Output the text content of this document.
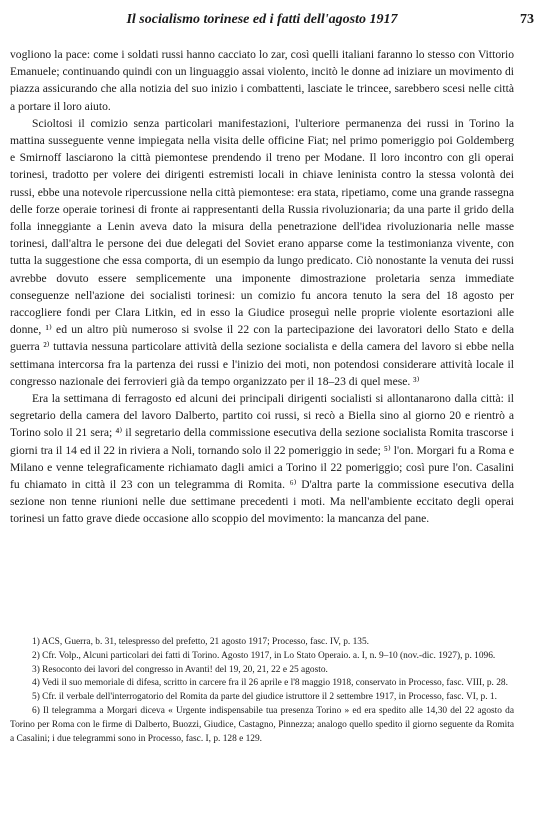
Il socialismo torinese ed i fatti dell'agosto 1917	73

vogliono la pace: come i soldati russi hanno cacciato lo zar, così quelli italiani faranno lo stesso con Vittorio Emanuele; continuando quindi con un linguaggio assai violento, incitò le donne ad iniziare un movimento di piazza assicurando che alla notizia del suo inizio i combattenti, lasciate le trincee, sarebbero scesi nelle città a portare il loro aiuto.

Scioltosi il comizio senza particolari manifestazioni, l'ulteriore permanenza dei russi in Torino la mattina susseguente venne impiegata nella visita delle officine Fiat; nel primo pomeriggio poi Goldemberg e Smirnoff lasciarono la città piemontese prendendo il treno per Modane. Il loro incontro con gli operai torinesi, tradotto per volere dei dirigenti estremisti locali in chiave leninista contro la stessa volontà dei russi, ebbe una notevole ripercussione nella città piemontese: era stata, ripetiamo, come una grande rassegna delle forze operaie torinesi di fronte ai rappresentanti della Russia rivoluzionaria; da una parte il grido della folla inneggiante a Lenin aveva dato la misura della penetrazione dell'idea rivoluzionaria nelle masse torinesi, dall'altra le persone dei due delegati del Soviet erano apparse come la testimonianza vivente, con tutta la suggestione che essa comporta, di un esempio da lungo predicato. Ciò nonostante la venuta dei russi avrebbe dovuto essere semplicemente una imponente dimostrazione proletaria senza immediate conseguenze nell'azione dei socialisti torinesi: un comizio fu ancora tenuto la sera del 18 agosto per raccogliere fondi per Clara Litkin, ed in esso la Giudice proseguì nelle proprie violente esortazioni alle donne, ¹⁾ ed un altro più numeroso si svolse il 22 con la partecipazione dei lavoratori dello Stato e della guerra ²⁾ tuttavia nessuna particolare attività della sezione socialista e della camera del lavoro si ebbe nella settimana intercorsa fra la partenza dei russi e l'inizio dei moti, non potendosi considerare attività locale il congresso nazionale dei ferrovieri già da tempo organizzato per il 18–23 di quel mese. ³⁾

Era la settimana di ferragosto ed alcuni dei principali dirigenti socialisti si allontanarono dalla città: il segretario della camera del lavoro Dalberto, partito coi russi, si recò a Biella sino al giorno 20 e rientrò a Torino solo il 21 sera; ⁴⁾ il segretario della commissione esecutiva della sezione socialista Romita trascorse i giorni tra il 14 ed il 22 in riviera a Noli, tornando solo il 22 pomeriggio in sede; ⁵⁾ l'on. Morgari fu a Roma e Milano e venne telegraficamente richiamato dagli amici a Torino il 22 pomeriggio; così pure l'on. Casalini fu chiamato in città il 23 con un telegramma di Romita. ⁶⁾ D'altra parte la commissione esecutiva della sezione non tenne riunioni nelle due settimane precedenti i moti. Ma nell'ambiente eccitato degli operai torinesi un fatto grave diede occasione allo scoppio del movimento: la mancanza del pane.

1) ACS, Guerra, b. 31, telespresso del prefetto, 21 agosto 1917; Processo, fasc. IV, p. 135.

2) Cfr. Volp., Alcuni particolari dei fatti di Torino. Agosto 1917, in Lo Stato Operaio. a. I, n. 9–10 (nov.-dic. 1927), p. 1096.

3) Resoconto dei lavori del congresso in Avanti! del 19, 20, 21, 22 e 25 agosto.

4) Vedi il suo memoriale di difesa, scritto in carcere fra il 26 aprile e l'8 maggio 1918, conservato in Processo, fasc. VIII, p. 28.

5) Cfr. il verbale dell'interrogatorio del Romita da parte del giudice istruttore il 2 settembre 1917, in Processo, fasc. VI, p. 1.

6) Il telegramma a Morgari diceva « Urgente indispensabile tua presenza Torino » ed era spedito alle 14,30 del 22 agosto da Torino per Roma con le firme di Dalberto, Buozzi, Giudice, Castagno, Pinnezza; analogo quello spedito il giorno seguente da Romita a Casalini; i due telegrammi sono in Processo, fasc. I, p. 128 e 129.
